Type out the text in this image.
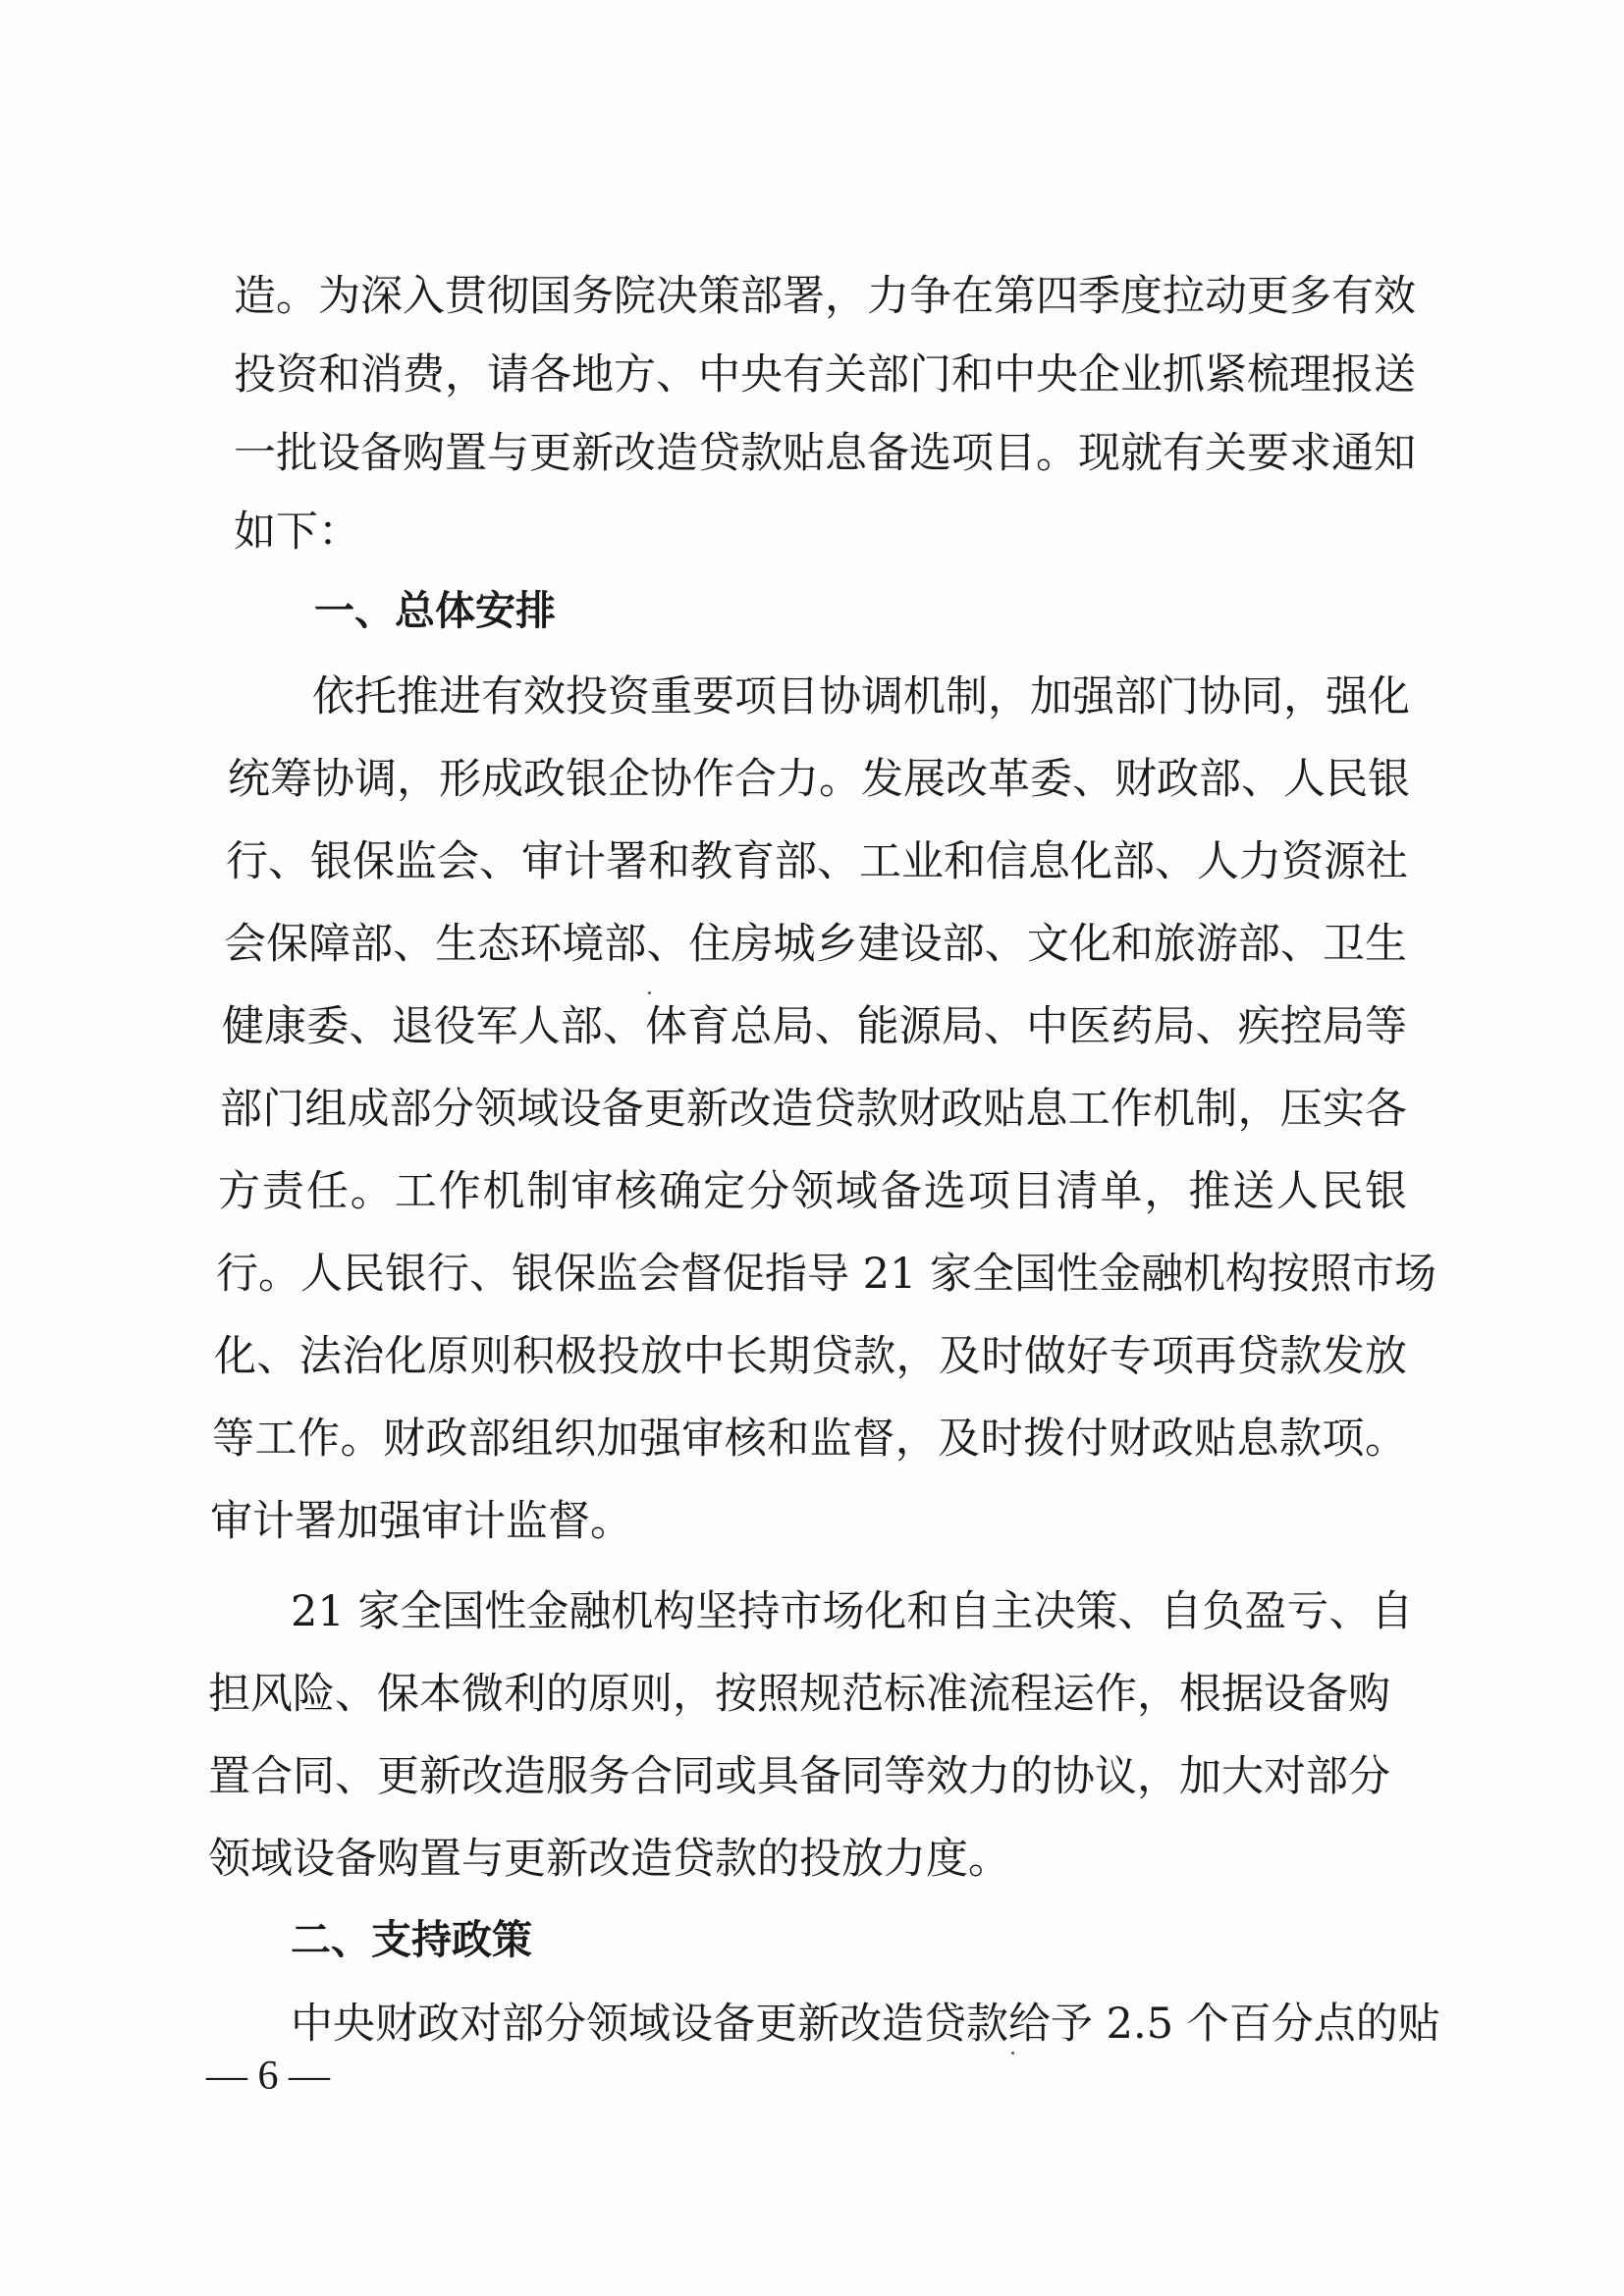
造。为深入贯彻国务院决策部署，力争在第四季度拉动更多有效
投资和消费，请各地方、中央有关部门和中央企业抓紧梳理报送
一批设备购置与更新改造贷款贴息备选项目。现就有关要求通知
如下：
一、总体安排
依托推进有效投资重要项目协调机制，加强部门协同，强化
统筹协调，形成政银企协作合力。发展改革委、财政部、人民银
行、银保监会、审计署和教育部、工业和信息化部、人力资源社
会保障部、生态环境部、住房城乡建设部、文化和旅游部、卫生
健康委、退役军人部、体育总局、能源局、中医药局、疾控局等
部门组成部分领域设备更新改造贷款财政贴息工作机制，压实各
方责任。工作机制审核确定分领域备选项目清单，推送人民银
行。人民银行、银保监会督促指导 21 家全国性金融机构按照市场
化、法治化原则积极投放中长期贷款，及时做好专项再贷款发放
等工作。财政部组织加强审核和监督，及时拨付财政贴息款项。
审计署加强审计监督。
21 家全国性金融机构坚持市场化和自主决策、自负盈亏、自
担风险、保本微利的原则，按照规范标准流程运作，根据设备购
置合同、更新改造服务合同或具备同等效力的协议，加大对部分
领域设备购置与更新改造贷款的投放力度。
二、支持政策
中央财政对部分领域设备更新改造贷款给予 2.5 个百分点的贴
— 6 —
